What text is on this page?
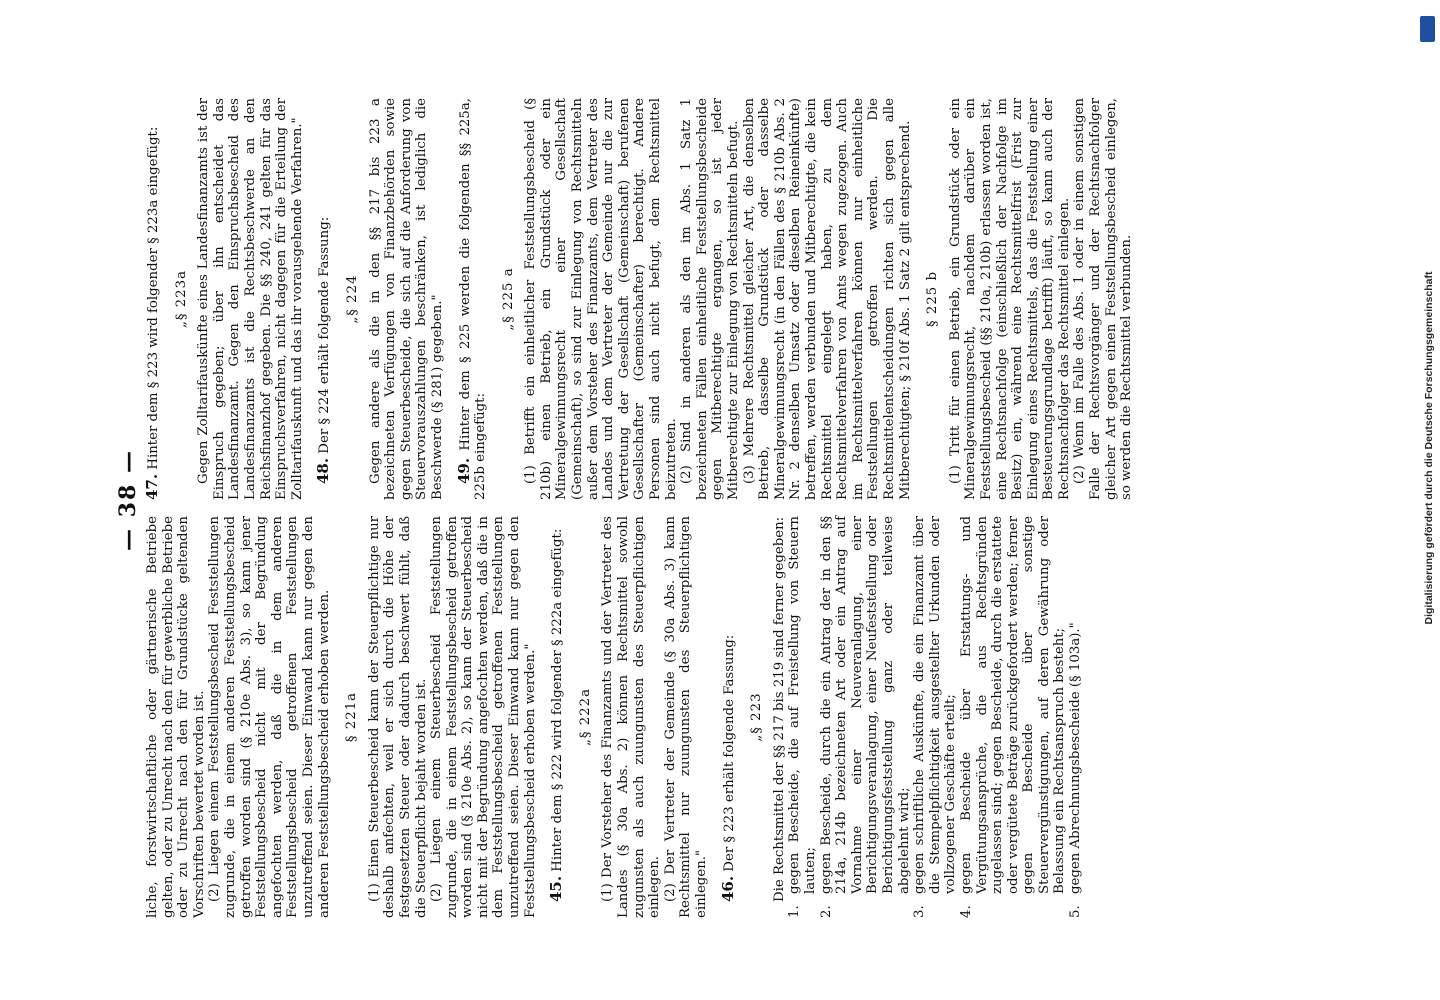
— 38 —

liche, forstwirtschaftliche oder gärtnerische Betriebe gelten, oder zu Unrecht nach den für gewerbliche Betriebe oder zu Unrecht nach den für Grundstücke geltenden Vorschriften bewertet worden ist. (2) Liegen einem Feststellungsbescheid Feststellungen zugrunde, die in einem anderen Feststellungsbescheid getroffen worden sind (§ 210e Abs. 3), so kann jener Feststellungsbescheid nicht mit der Begründung angefochten werden, daß die in dem anderen Feststellungsbescheid getroffenen Feststellungen unzutreffend seien. Dieser Einwand kann nur gegen den anderen Feststellungsbescheid erhoben werden. § 221a (1) Einen Steuerbescheid kann der Steuerpflichtige nur deshalb anfechten, weil er sich durch die Höhe der festgesetzten Steuer oder dadurch beschwert fühlt, daß die Steuerpflicht bejaht worden ist. (2) Liegen einem Steuerbescheid Feststellungen zugrunde, die in einem Feststellungsbescheid getroffen worden sind (§ 210e Abs. 2), so kann der Steuerbescheid nicht mit der Begründung angefochten werden, daß die in dem Feststellungsbescheid getroffenen Feststellungen unzutreffend seien. Dieser Einwand kann nur gegen den Feststellungsbescheid erhoben werden." 45. Hinter dem § 222 wird folgender § 222a eingefügt: „§ 222a (1) Der Vorsteher des Finanzamts und der Vertreter des Landes (§ 30a Abs. 2) können Rechtsmittel sowohl zugunsten als auch zuungunsten des Steuerpflichtigen einlegen. (2) Der Vertreter der Gemeinde (§ 30a Abs. 3) kann Rechtsmittel nur zuungunsten des Steuerpflichtigen einlegen." 46. Der § 223 erhält folgende Fassung: „§ 223 Die Rechtsmittel der §§ 217 bis 219 sind ferner gegeben:

1.
gegen Bescheide, die auf Freistellung von Steuern lauten;
2.
gegen Bescheide, durch die ein Antrag der in den §§ 214a, 214b bezeichneten Art oder ein Antrag auf Vornahme einer Neuveranlagung, einer Berichtigungsveranlagung, einer Neufeststellung oder Berichtigungsfeststellung ganz oder teilweise abgelehnt wird;
3.
gegen schriftliche Auskünfte, die ein Finanzamt über die Stempelpflichtigkeit ausgestellter Urkunden oder vollzogener Geschäfte erteilt;
4.
gegen Bescheide über Erstattungs- und Vergütungsansprüche, die aus Rechtsgründen zugelassen sind; gegen Bescheide, durch die erstattete oder vergütete Beträge zurückgefordert werden; ferner gegen Bescheide über sonstige Steuervergünstigungen, auf deren Gewährung oder Belassung ein Rechtsanspruch besteht;
5.
gegen Abrechnungsbescheide (§ 103a)."

47. Hinter dem § 223 wird folgender § 223a eingefügt: „§ 223a Gegen Zolltarifauskünfte eines Landesfinanzamts ist der Einspruch gegeben; über ihn entscheidet das Landesfinanzamt. Gegen den Einspruchsbescheid des Landesfinanzamts ist die Rechtsbeschwerde an den Reichsfinanzhof gegeben. Die §§ 240, 241 gelten für das Einspruchsverfahren, nicht dagegen für die Erteilung der Zolltarifauskunft und das ihr vorausgehende Verfahren." 48. Der § 224 erhält folgende Fassung: „§ 224 Gegen andere als die in den §§ 217 bis 223 a bezeichneten Verfügungen von Finanzbehörden sowie gegen Steuerbescheide, die sich auf die Anforderung von Steuervorauszahlungen beschränken, ist lediglich die Beschwerde (§ 281) gegeben." 49. Hinter dem § 225 werden die folgenden §§ 225a, 225b eingefügt:

„§ 225 a (1) Betrifft ein einheitlicher Feststellungsbescheid (§ 210b) einen Betrieb, ein Grundstück oder ein Mineralgewinnungsrecht einer Gesellschaft (Gemeinschaft), so sind zur Einlegung von Rechtsmitteln außer dem Vorsteher des Finanzamts, dem Vertreter des Landes und dem Vertreter der Gemeinde nur die zur Vertretung der Gesellschaft (Gemeinschaft) berufenen Gesellschafter (Gemeinschafter) berechtigt. Andere Personen sind auch nicht befugt, dem Rechtsmittel beizutreten. (2) Sind in anderen als den im Abs. 1 Satz 1 bezeichneten Fällen einheitliche Feststellungsbescheide gegen Mitberechtigte ergangen, so ist jeder Mitberechtigte zur Einlegung von Rechtsmitteln befugt. (3) Mehrere Rechtsmittel gleicher Art, die denselben Betrieb, dasselbe Grundstück oder dasselbe Mineralgewinnungsrecht (in den Fällen des § 210b Abs. 2 Nr. 2 denselben Umsatz oder dieselben Reineinkünfte) betreffen, werden verbunden und Mitberechtigte, die kein Rechtsmittel eingelegt haben, zu dem Rechtsmittelverfahren von Amts wegen zugezogen. Auch im Rechtsmittelverfahren können nur einheitliche Feststellungen getroffen werden. Die Rechtsmittelentscheidungen richten sich gegen alle Mitberechtigten; § 210f Abs. 1 Satz 2 gilt entsprechend. § 225 b (1) Tritt für einen Betrieb, ein Grundstück oder ein Mineralgewinnungsrecht, nachdem darüber ein Feststellungsbescheid (§§ 210a, 210b) erlassen worden ist, eine Rechtsnachfolge (einschließlich der Nachfolge im Besitz) ein, während eine Rechtsmittelfrist (Frist zur Einlegung eines Rechtsmittels, das die Feststellung einer Besteuerungsgrundlage betrifft) läuft, so kann auch der Rechtsnachfolger das Rechtsmittel einlegen. (2) Wenn im Falle des Abs. 1 oder in einem sonstigen Falle der Rechtsvorgänger und der Rechtsnachfolger gleicher Art gegen einen Feststellungsbescheid einlegen, so werden die Rechtsmittel verbunden.	Digitalisierung gefördert durch die Deutsche Forschungsgemeinschaft
